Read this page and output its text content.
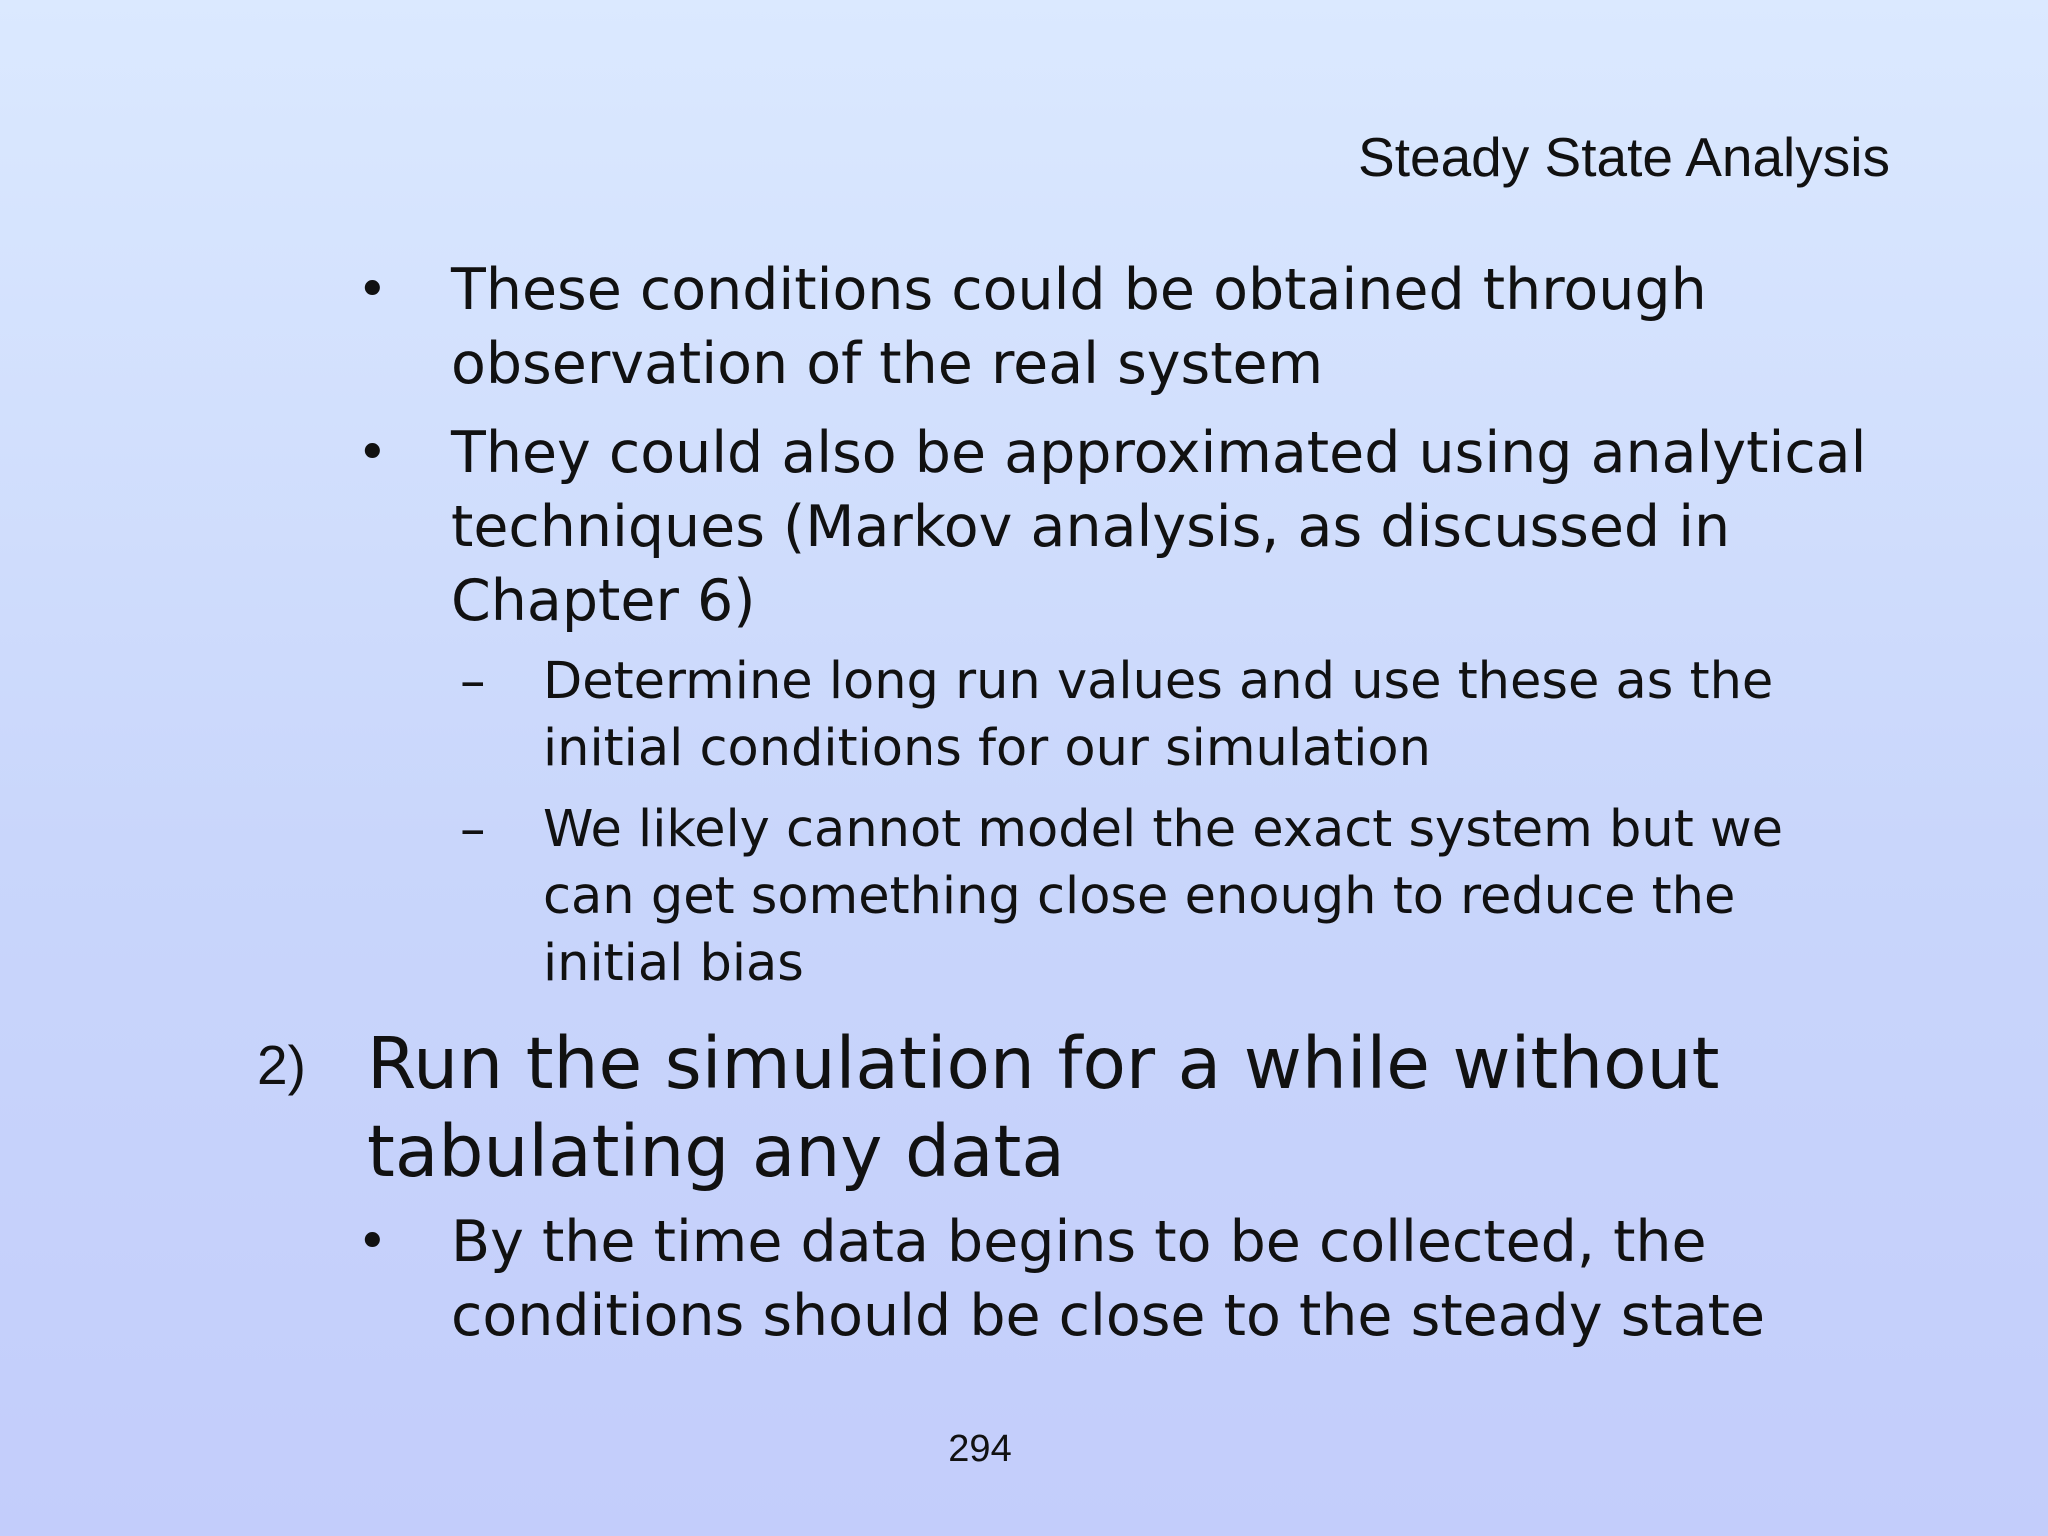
Steady State Analysis
• These conditions could be obtained through
observation of the real system
• They could also be approximated using analytical
techniques (Markov analysis, as discussed in
Chapter 6)
– Determine long run values and use these as the
initial conditions for our simulation
– We likely cannot model the exact system but we
can get something close enough to reduce the
initial bias
2) Run the simulation for a while without
tabulating any data
• By the time data begins to be collected, the
conditions should be close to the steady state
294
